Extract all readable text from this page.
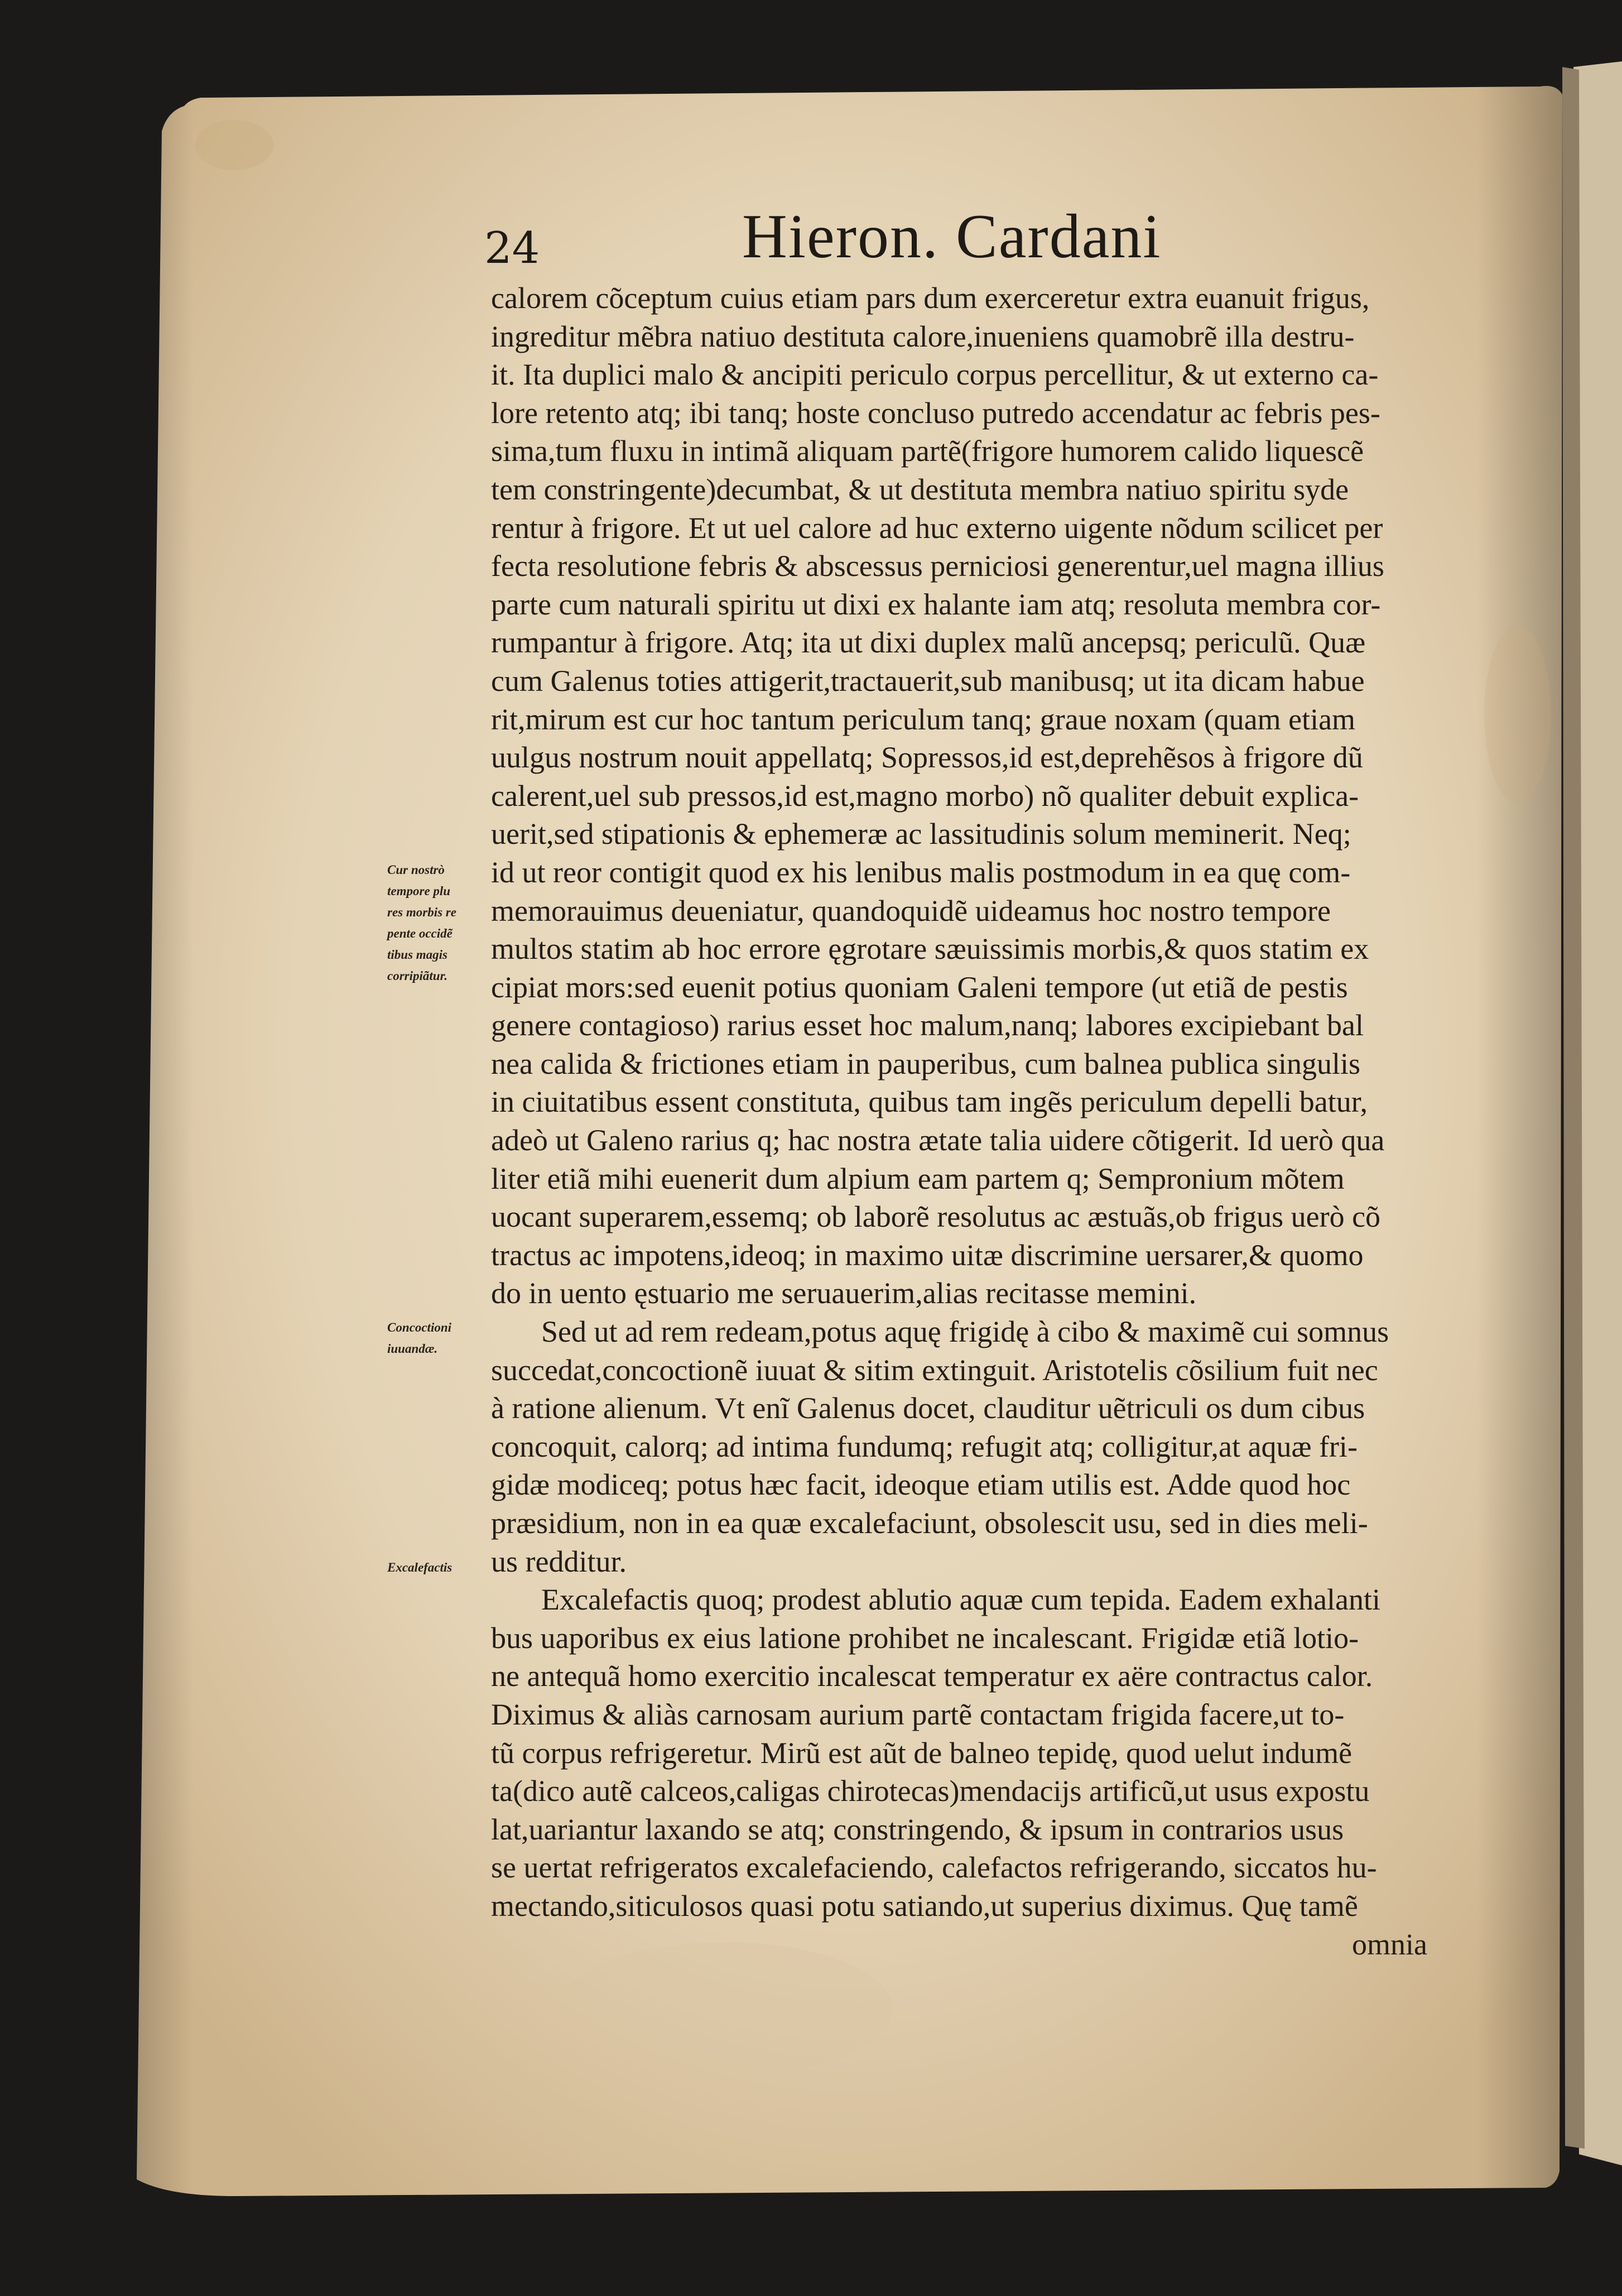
24	Hieron. Cardani
calorem cõceptum cuius etiam pars dum exerceretur extra euanuit frigus,
ingreditur mẽbra natiuo destituta calore,inueniens quamobrẽ illa destru-
it. Ita duplici malo & ancipiti periculo corpus percellitur, & ut externo ca-
lore retento atq; ibi tanq; hoste concluso putredo accendatur ac febris pes-
sima,tum fluxu in intimã aliquam partẽ(frigore humorem calido liquescẽ
tem constringente)decumbat, & ut destituta membra natiuo spiritu syde
rentur à frigore. Et ut uel calore ad huc externo uigente nõdum scilicet per
fecta resolutione febris & abscessus perniciosi generentur,uel magna illius
parte cum naturali spiritu ut dixi ex halante iam atq; resoluta membra cor-
rumpantur à frigore. Atq; ita ut dixi duplex malũ ancepsq; periculũ. Quæ
cum Galenus toties attigerit,tractauerit,sub manibusq; ut ita dicam habue
rit,mirum est cur hoc tantum periculum tanq; graue noxam (quam etiam
uulgus nostrum nouit appellatq; Sopressos,id est,deprehẽsos à frigore dũ
calerent,uel sub pressos,id est,magno morbo) nõ qualiter debuit explica-
uerit,sed stipationis & ephemeræ ac lassitudinis solum meminerit. Neq;
id ut reor contigit quod ex his lenibus malis postmodum in ea quę com-
memorauimus deueniatur, quandoquidẽ uideamus hoc nostro tempore
multos statim ab hoc errore ęgrotare sæuissimis morbis,& quos statim ex
cipiat mors:sed euenit potius quoniam Galeni tempore (ut etiã de pestis
genere contagioso) rarius esset hoc malum,nanq; labores excipiebant bal
nea calida & frictiones etiam in pauperibus, cum balnea publica singulis
in ciuitatibus essent constituta, quibus tam ingẽs periculum depelli batur,
adeò ut Galeno rarius q; hac nostra ætate talia uidere cõtigerit. Id uerò qua
liter etiã mihi euenerit dum alpium eam partem q; Sempronium mõtem
uocant superarem,essemq; ob laborẽ resolutus ac æstuãs,ob frigus uerò cõ
tractus ac impotens,ideoq; in maximo uitæ discrimine uersarer,& quomo
do in uento ęstuario me seruauerim,alias recitasse memini.
Sed ut ad rem redeam,potus aquę frigidę à cibo & maximẽ cui somnus
succedat,concoctionẽ iuuat & sitim extinguit. Aristotelis cõsilium fuit nec
à ratione alienum. Vt enĩ Galenus docet, clauditur uẽtriculi os dum cibus
concoquit, calorq; ad intima fundumq; refugit atq; colligitur,at aquæ fri-
gidæ modiceq; potus hæc facit, ideoque etiam utilis est. Adde quod hoc
præsidium, non in ea quæ excalefaciunt, obsolescit usu, sed in dies meli-
us redditur.
Excalefactis quoq; prodest ablutio aquæ cum tepida. Eadem exhalanti
bus uaporibus ex eius latione prohibet ne incalescant. Frigidæ etiã lotio-
ne antequã homo exercitio incalescat temperatur ex aëre contractus calor.
Diximus & aliàs carnosam aurium partẽ contactam frigida facere,ut to-
tũ corpus refrigeretur. Mirũ est aũt de balneo tepidę, quod uelut indumẽ
ta(dico autẽ calceos,caligas chirotecas)mendacijs artificũ,ut usus expostu
lat,uariantur laxando se atq; constringendo, & ipsum in contrarios usus
se uertat refrigeratos excalefaciendo, calefactos refrigerando, siccatos hu-
mectando,siticulosos quasi potu satiando,ut superius diximus. Quę tamẽ
omnia
Cur nostrò
tempore plu
res morbis re
pente occidẽ
tibus magis
corripiãtur.
Concoctioni
iuuandæ.
Excalefactis
